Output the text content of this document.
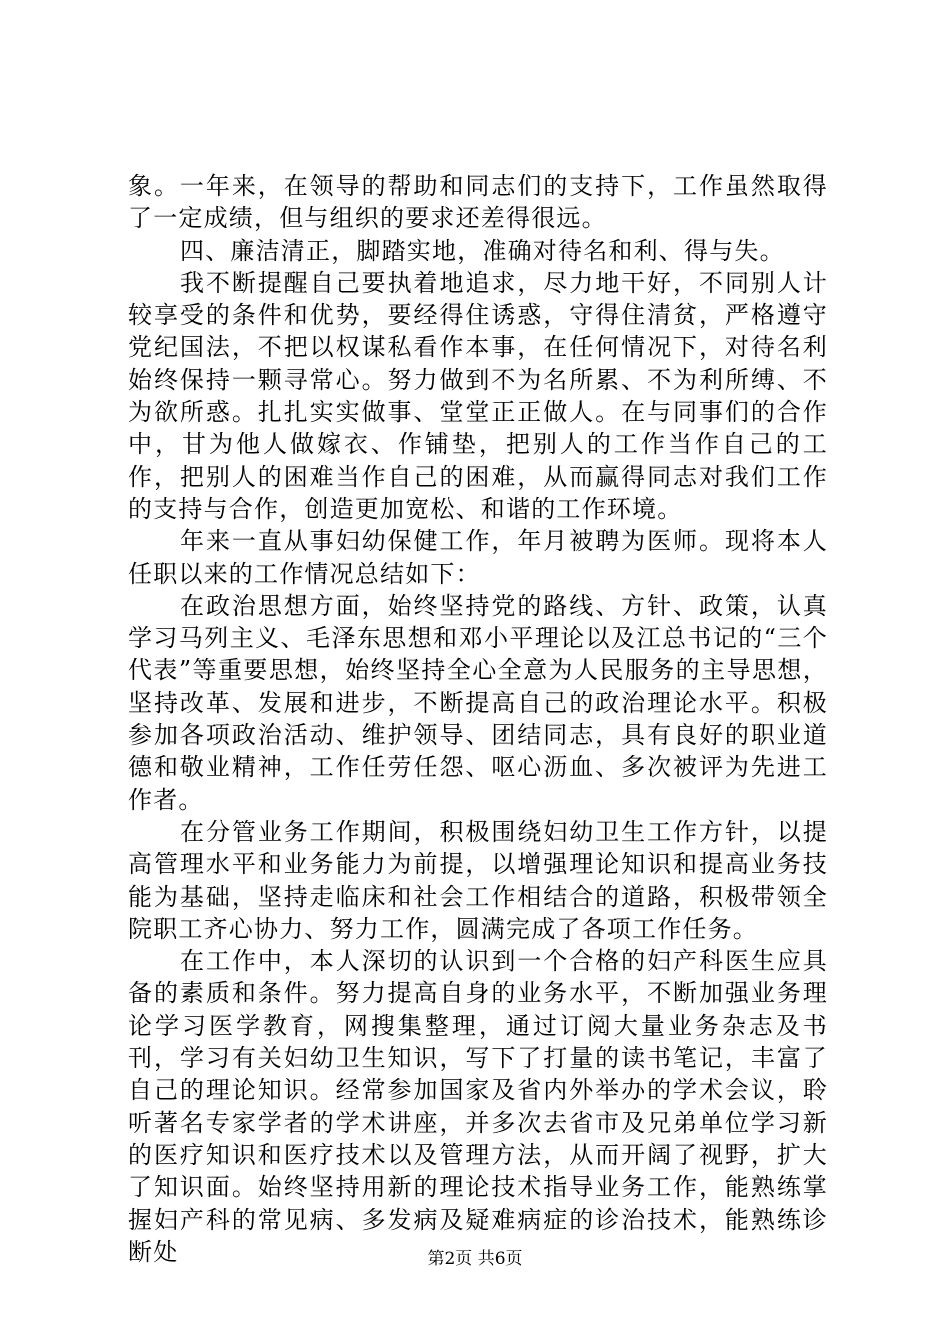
象。一年来，在领导的帮助和同志们的支持下，工作虽然取得了一定成绩，但与组织的要求还差得很远。

四、廉洁清正，脚踏实地，准确对待名和利、得与失。

我不断提醒自己要执着地追求，尽力地干好，不同别人计较享受的条件和优势，要经得住诱惑，守得住清贫，严格遵守党纪国法，不把以权谋私看作本事，在任何情况下，对待名利始终保持一颗寻常心。努力做到不为名所累、不为利所缚、不为欲所惑。扎扎实实做事、堂堂正正做人。在与同事们的合作中，甘为他人做嫁衣、作铺垫，把别人的工作当作自己的工作，把别人的困难当作自己的困难，从而赢得同志对我们工作的支持与合作，创造更加宽松、和谐的工作环境。

年来一直从事妇幼保健工作，年月被聘为医师。现将本人任职以来的工作情况总结如下：

在政治思想方面，始终坚持党的路线、方针、政策，认真学习马列主义、毛泽东思想和邓小平理论以及江总书记的“三个代表”等重要思想，始终坚持全心全意为人民服务的主导思想，坚持改革、发展和进步，不断提高自己的政治理论水平。积极参加各项政治活动、维护领导、团结同志，具有良好的职业道德和敬业精神，工作任劳任怨、呕心沥血、多次被评为先进工作者。

在分管业务工作期间，积极围绕妇幼卫生工作方针，以提高管理水平和业务能力为前提，以增强理论知识和提高业务技能为基础，坚持走临床和社会工作相结合的道路，积极带领全院职工齐心协力、努力工作，圆满完成了各项工作任务。

在工作中，本人深切的认识到一个合格的妇产科医生应具备的素质和条件。努力提高自身的业务水平，不断加强业务理论学习医学教育，网搜集整理，通过订阅大量业务杂志及书刊，学习有关妇幼卫生知识，写下了打量的读书笔记，丰富了自己的理论知识。经常参加国家及省内外举办的学术会议，聆听著名专家学者的学术讲座，并多次去省市及兄弟单位学习新的医疗知识和医疗技术以及管理方法，从而开阔了视野，扩大了知识面。始终坚持用新的理论技术指导业务工作，能熟练掌握妇产科的常见病、多发病及疑难病症的诊治技术，能熟练诊断处	第2页 共6页
